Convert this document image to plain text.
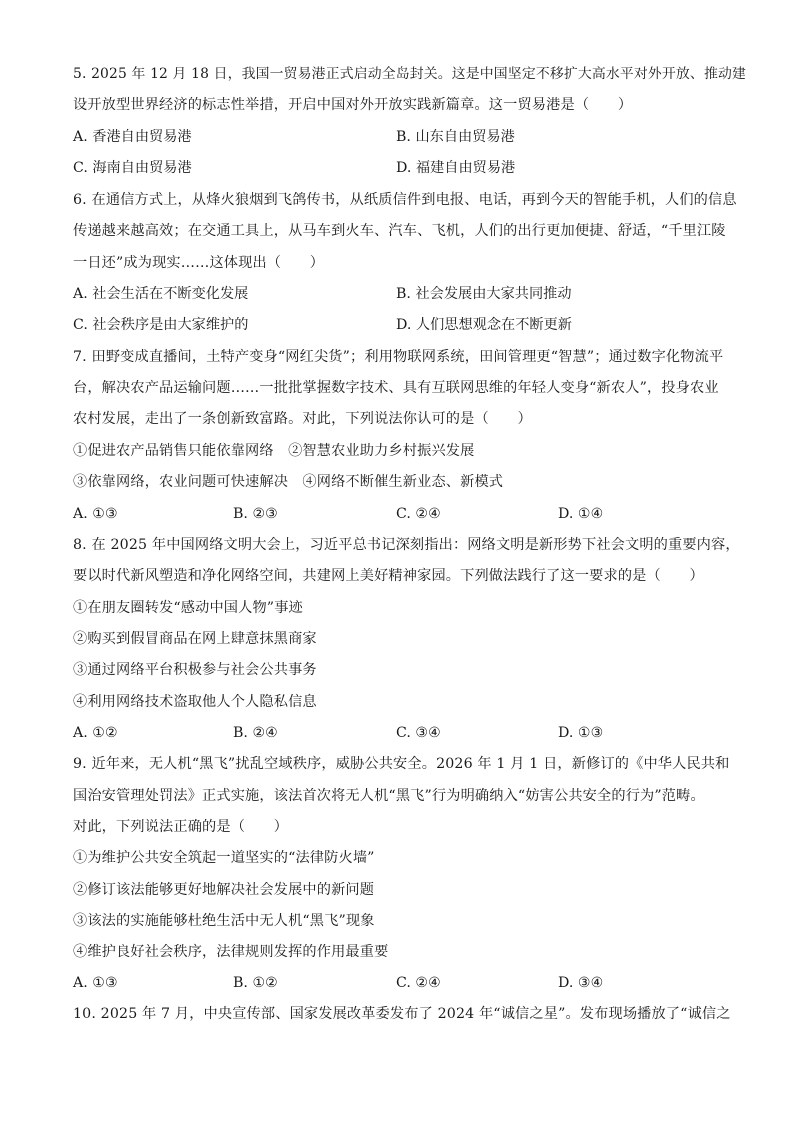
5. 2025 年 12 月 18 日，我国一贸易港正式启动全岛封关。这是中国坚定不移扩大高水平对外开放、推动建
设开放型世界经济的标志性举措，开启中国对外开放实践新篇章。这一贸易港是（　　）
A. 香港自由贸易港	B. 山东自由贸易港
C. 海南自由贸易港	D. 福建自由贸易港
6. 在通信方式上，从烽火狼烟到飞鸽传书，从纸质信件到电报、电话，再到今天的智能手机，人们的信息
传递越来越高效；在交通工具上，从马车到火车、汽车、飞机，人们的出行更加便捷、舒适，“千里江陵
一日还”成为现实……这体现出（　　）
A. 社会生活在不断变化发展	B. 社会发展由大家共同推动
C. 社会秩序是由大家维护的	D. 人们思想观念在不断更新
7. 田野变成直播间，土特产变身“网红尖货”；利用物联网系统，田间管理更“智慧”；通过数字化物流平
台，解决农产品运输问题……一批批掌握数字技术、具有互联网思维的年轻人变身“新农人”，投身农业
农村发展，走出了一条创新致富路。对此，下列说法你认可的是（　　）
①促进农产品销售只能依靠网络　②智慧农业助力乡村振兴发展
③依靠网络，农业问题可快速解决　④网络不断催生新业态、新模式
A. ①③	B. ②③	C. ②④	D. ①④
8. 在 2025 年中国网络文明大会上，习近平总书记深刻指出：网络文明是新形势下社会文明的重要内容，
要以时代新风塑造和净化网络空间，共建网上美好精神家园。下列做法践行了这一要求的是（　　）
①在朋友圈转发“感动中国人物”事迹
②购买到假冒商品在网上肆意抹黑商家
③通过网络平台积极参与社会公共事务
④利用网络技术盗取他人个人隐私信息
A. ①②	B. ②④	C. ③④	D. ①③
9. 近年来，无人机“黑飞”扰乱空域秩序，威胁公共安全。2026 年 1 月 1 日，新修订的《中华人民共和
国治安管理处罚法》正式实施，该法首次将无人机“黑飞”行为明确纳入“妨害公共安全的行为”范畴。
对此，下列说法正确的是（　　）
①为维护公共安全筑起一道坚实的“法律防火墙”
②修订该法能够更好地解决社会发展中的新问题
③该法的实施能够杜绝生活中无人机“黑飞”现象
④维护良好社会秩序，法律规则发挥的作用最重要
A. ①③	B. ①②	C. ②④	D. ③④
10. 2025 年 7 月，中央宣传部、国家发展改革委发布了 2024 年“诚信之星”。发布现场播放了“诚信之
